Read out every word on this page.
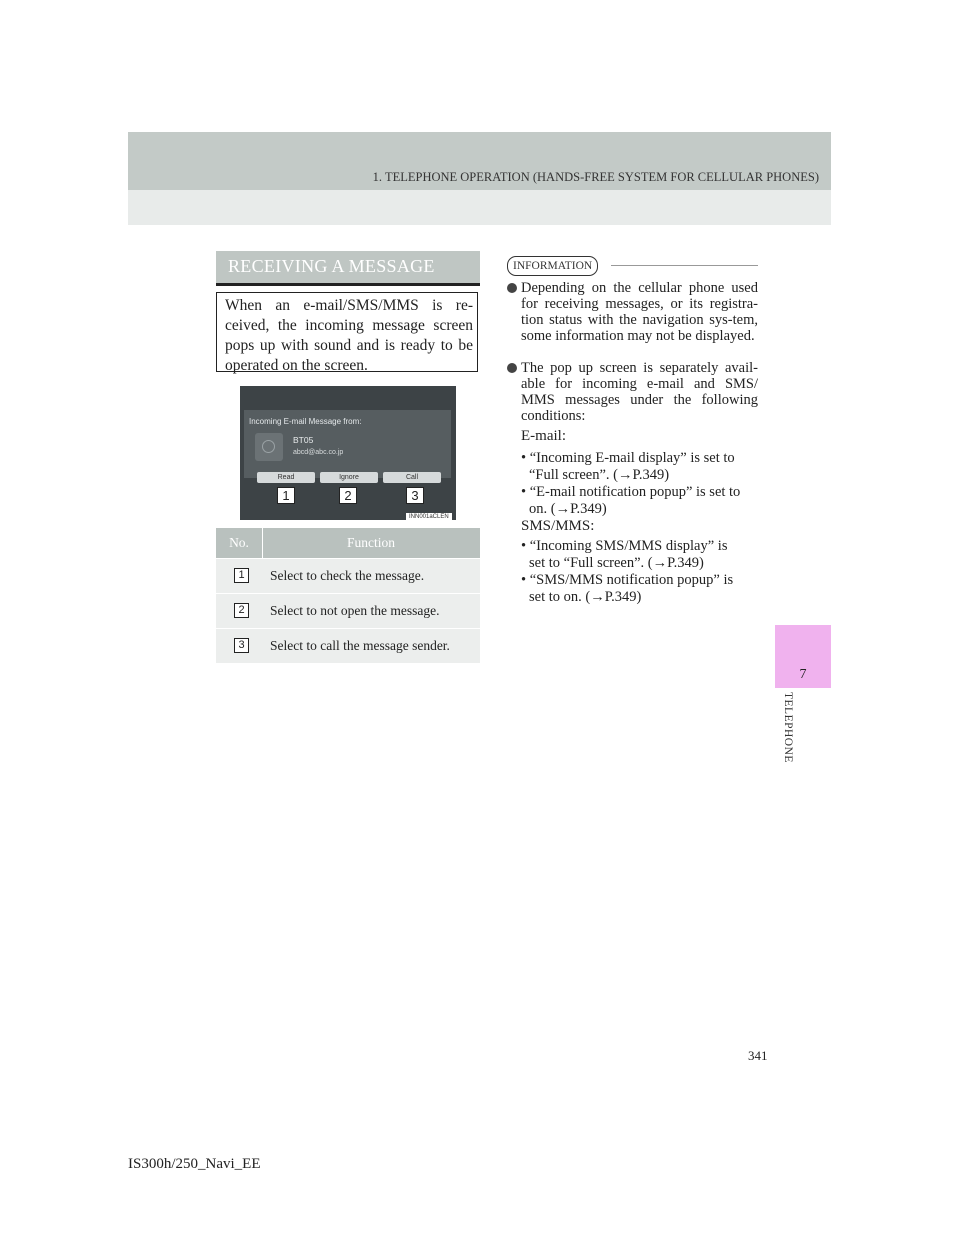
1. TELEPHONE OPERATION (HANDS-FREE SYSTEM FOR CELLULAR PHONES)
7
TELEPHONE
RECEIVING A MESSAGE
When an e-mail/SMS/MMS is re-ceived, the incoming message screen pops up with sound and is ready to be operated on the screen.
Incoming E-mail Message from:
BT05
abcd@abc.co.jp
Read	Ignore	Call
1	2	3
INN001aCLEN
No.	Function
1	Select to check the message.
2	Select to not open the message.
3	Select to call the message sender.
INFORMATION
Depending on the cellular phone used for receiving messages, or its registra-tion status with the navigation sys-tem, some information may not be displayed.
The pop up screen is separately avail-able for incoming e-mail and SMS/ MMS messages under the following conditions:
E-mail:
• “Incoming E-mail display” is set to
“Full screen”. (→P.349)
• “E-mail notification popup” is set to
on. (→P.349)
SMS/MMS:
• “Incoming SMS/MMS display” is
set to “Full screen”. (→P.349)
• “SMS/MMS notification popup” is
set to on. (→P.349)
341
IS300h/250_Navi_EE
